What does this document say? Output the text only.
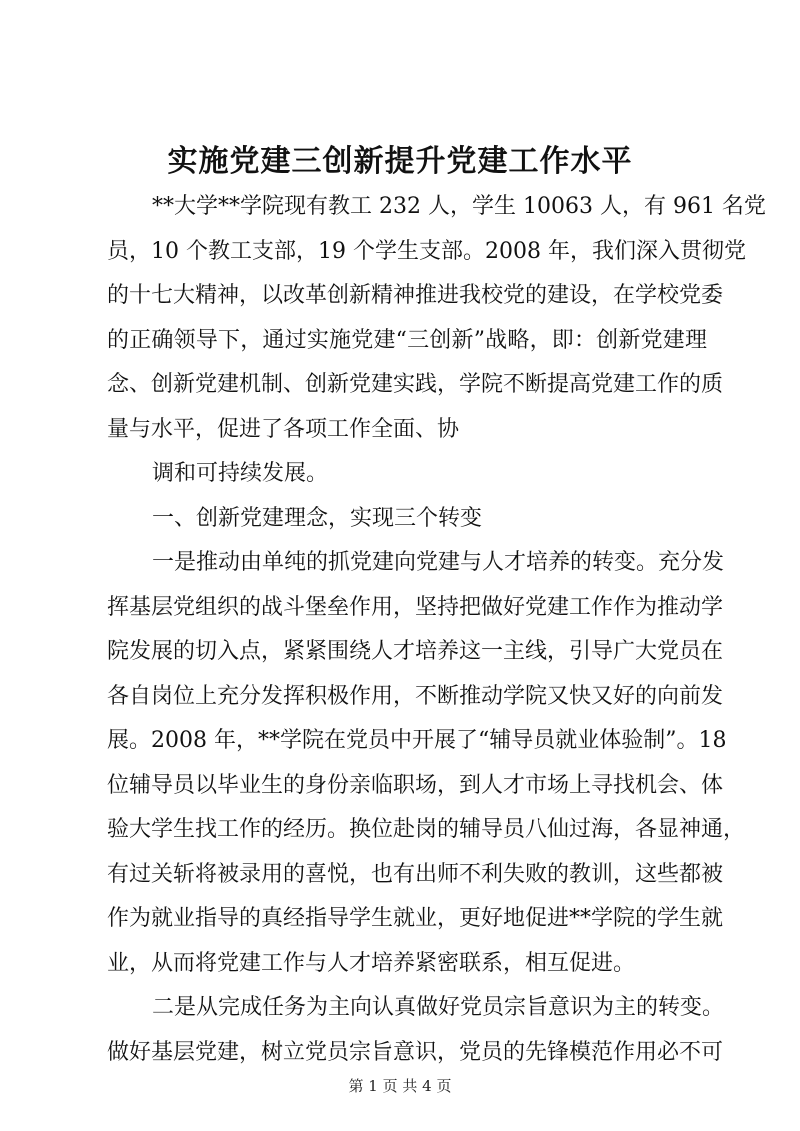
实施党建三创新提升党建工作水平
**大学**学院现有教工 232 人，学生 10063 人，有 961 名党
员，10 个教工支部，19 个学生支部。2008 年，我们深入贯彻党
的十七大精神，以改革创新精神推进我校党的建设，在学校党委
的正确领导下，通过实施党建“三创新”战略，即：创新党建理
念、创新党建机制、创新党建实践，学院不断提高党建工作的质
量与水平，促进了各项工作全面、协
调和可持续发展。
一、创新党建理念，实现三个转变
一是推动由单纯的抓党建向党建与人才培养的转变。充分发
挥基层党组织的战斗堡垒作用，坚持把做好党建工作作为推动学
院发展的切入点，紧紧围绕人才培养这一主线，引导广大党员在
各自岗位上充分发挥积极作用，不断推动学院又快又好的向前发
展。2008 年，**学院在党员中开展了“辅导员就业体验制”。18
位辅导员以毕业生的身份亲临职场，到人才市场上寻找机会、体
验大学生找工作的经历。换位赴岗的辅导员八仙过海，各显神通，
有过关斩将被录用的喜悦，也有出师不利失败的教训，这些都被
作为就业指导的真经指导学生就业，更好地促进**学院的学生就
业，从而将党建工作与人才培养紧密联系，相互促进。
二是从完成任务为主向认真做好党员宗旨意识为主的转变。
做好基层党建，树立党员宗旨意识，党员的先锋模范作用必不可
第 1 页 共 4 页
